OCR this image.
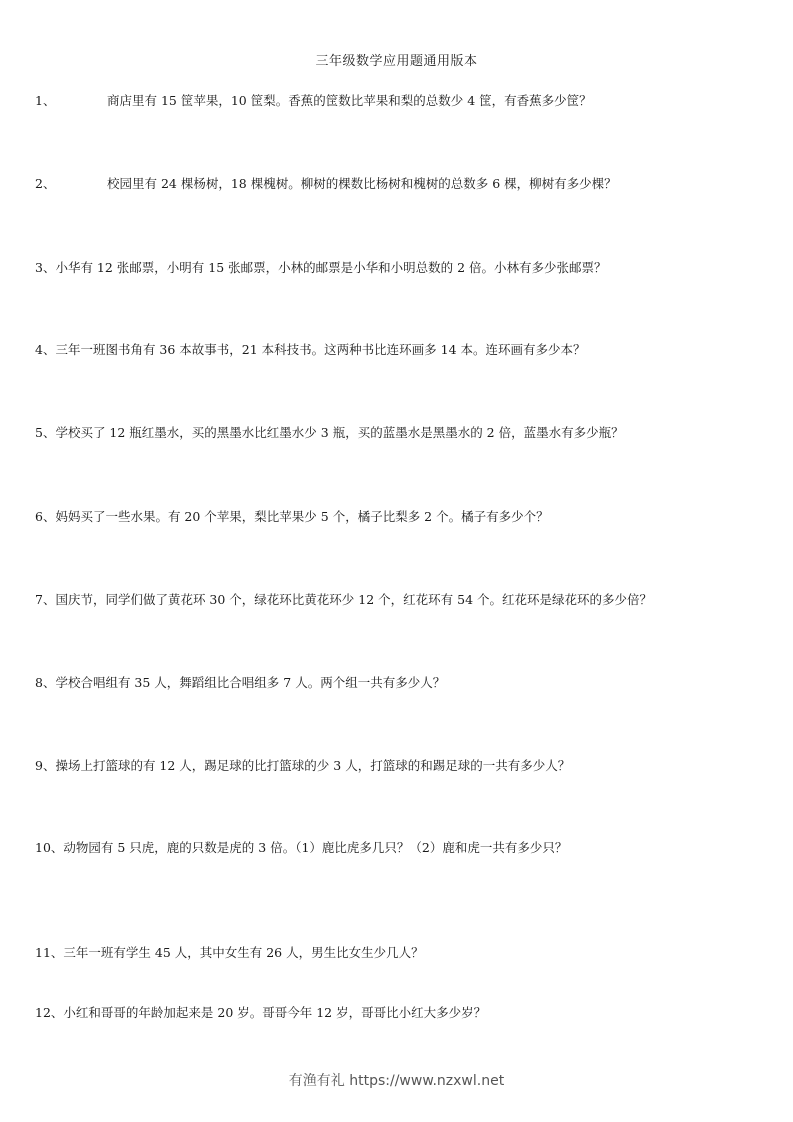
三年级数学应用题通用版本
1、	商店里有 15 筐苹果，10 筐梨。香蕉的筐数比苹果和梨的总数少 4 筐，有香蕉多少筐？
2、	校园里有 24 棵杨树，18 棵槐树。柳树的棵数比杨树和槐树的总数多 6 棵，柳树有多少棵？
3、小华有 12 张邮票，小明有 15 张邮票，小林的邮票是小华和小明总数的 2 倍。小林有多少张邮票？
4、三年一班图书角有 36 本故事书，21 本科技书。这两种书比连环画多 14 本。连环画有多少本？
5、学校买了 12 瓶红墨水，买的黑墨水比红墨水少 3 瓶，买的蓝墨水是黑墨水的 2 倍，蓝墨水有多少瓶？
6、妈妈买了一些水果。有 20 个苹果，梨比苹果少 5 个，橘子比梨多 2 个。橘子有多少个？
7、国庆节，同学们做了黄花环 30 个，绿花环比黄花环少 12 个，红花环有 54 个。红花环是绿花环的多少倍？
8、学校合唱组有 35 人，舞蹈组比合唱组多 7 人。两个组一共有多少人？
9、操场上打篮球的有 12 人，踢足球的比打篮球的少 3 人，打篮球的和踢足球的一共有多少人？
10、动物园有 5 只虎，鹿的只数是虎的 3 倍。（1）鹿比虎多几只？（2）鹿和虎一共有多少只？
11、三年一班有学生 45 人，其中女生有 26 人，男生比女生少几人？
12、小红和哥哥的年龄加起来是 20 岁。哥哥今年 12 岁，哥哥比小红大多少岁？
有渔有礼 https://www.nzxwl.net
